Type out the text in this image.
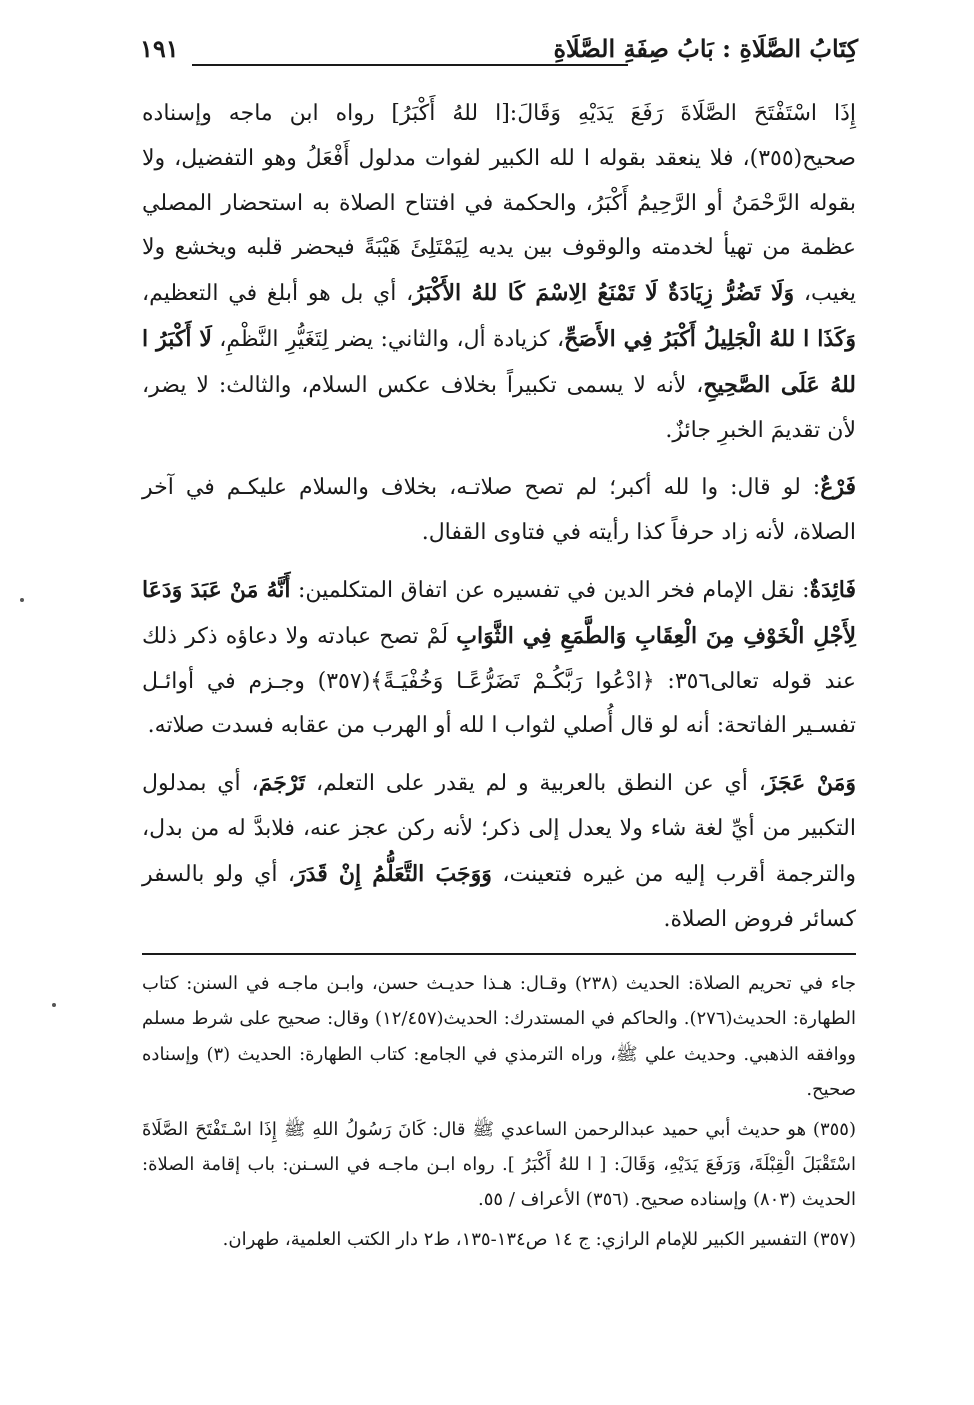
كِتَابُ الصَّلَاةِ : بَابُ صِفَةِ الصَّلَاةِ
١٩١

إِذَا اسْتَفْتَحَ الصَّلَاةَ رَفَعَ يَدَيْهِ وَقَالَ:[ا للهُ أَكْبَرُ] رواه ابن ماجه وإسناده صحيح(٣٥٥)، فلا ينعقد بقوله ا لله الكبير لفوات مدلول أَفْعَلُ وهو التفضيل، ولا بقوله الرَّحْمَنُ أو الرَّحِيمُ أَكْبَرُ، والحكمة في افتتاح الصلاة به استحضار المصلي عظمة من تهيأ لخدمته والوقوف بين يديه لِيَمْتَلِئَ هَيْبَةً فيحضر قلبه ويخشع ولا يغيب، وَلَا تَضُرُّ زِيَادَةٌ لَا تَمْنَعُ الِاسْمَ كَا للهُ الأَكْبَرُ، أي بل هو أبلغ في التعظيم، وَكَذَا ا للهُ الْجَلِيلُ أَكْبَرُ فِي الأَصَحِّ، كزيادة أل، والثاني: يضر لِتَغَيُّرِ النَّظْمِ، لَا أَكْبَرُ ا للهُ عَلَى الصَّحِيحِ، لأنه لا يسمى تكبيراً بخلاف عكس السلام، والثالث: لا يضر، لأن تقديمَ الخبرِ جائزٌ.

فَرْعٌ: لو قال: وا لله أكبر؛ لم تصح صلاتـه، بخلاف والسلام عليكـم في آخر الصلاة، لأنه زاد حرفاً كذا رأيته في فتاوى القفال.

فَائِدَةٌ: نقل الإمام فخر الدين في تفسيره عن اتفاق المتكلمين: أَنَّهُ مَنْ عَبَدَ وَدَعَا لِأَجْلِ الْخَوْفِ مِنَ الْعِقَابِ وَالطَّمَعِ فِي الثَّوَابِ لَمْ تصح عبادته ولا دعاؤه ذكر ذلك عند قوله تعالى٣٥٦: ﴿ادْعُوا رَبَّكُـمْ تَضَرُّعًـا وَخُفْيَـةً﴾(٣٥٧) وجـزم في أوائـل تفسـير الفاتحة: أنه لو قال أُصلي لثواب ا لله أو الهرب من عقابه فسدت صلاته.

وَمَنْ عَجَزَ، أي عن النطق بالعربية و لم يقدر على التعلم، تَرْجَمَ، أي بمدلول التكبير من أيِّ لغة شاء ولا يعدل إلى ذكر؛ لأنه ركن عجز عنه، فلابدَّ له من بدل، والترجمة أقرب إليه من غيره فتعينت، وَوَجَبَ التَّعَلُّمُ إِنْ قَدَرَ، أي ولو بالسفر كسائر فروض الصلاة.

جاء في تحريم الصلاة: الحديث (٢٣٨) وقـال: هـذا حديـث حسن، وابـن ماجـه في السنن: كتاب الطهارة: الحديث(٢٧٦). والحاكم في المستدرك: الحديث(١٢/٤٥٧) وقال: صحيح على شرط مسلم ووافقه الذهبي. وحديث علي ﷺ، وراه الترمذي في الجامع: كتاب الطهارة: الحديث (٣) وإسناده صحيح.

(٣٥٥) هو حديث أبي حميد عبدالرحمن الساعدي ﷺ قال: كَانَ رَسُولُ اللهِ ﷺ إِذَا اسْـتَفْتَحَ الصَّلَاةَ اسْتَقْبَلَ الْقِبْلَةَ، وَرَفَعَ يَدَيْهِ، وَقَالَ: [ ا للهُ أَكْبَرُ ]. رواه ابـن ماجـه في السـنن: باب إقامة الصلاة: الحديث (٨٠٣) وإسناده صحيح. (٣٥٦) الأعراف / ٥٥.

(٣٥٧) التفسير الكبير للإمام الرازي: ج ١٤ ص١٣٤-١٣٥، ط٢ دار الكتب العلمية، طهران.
